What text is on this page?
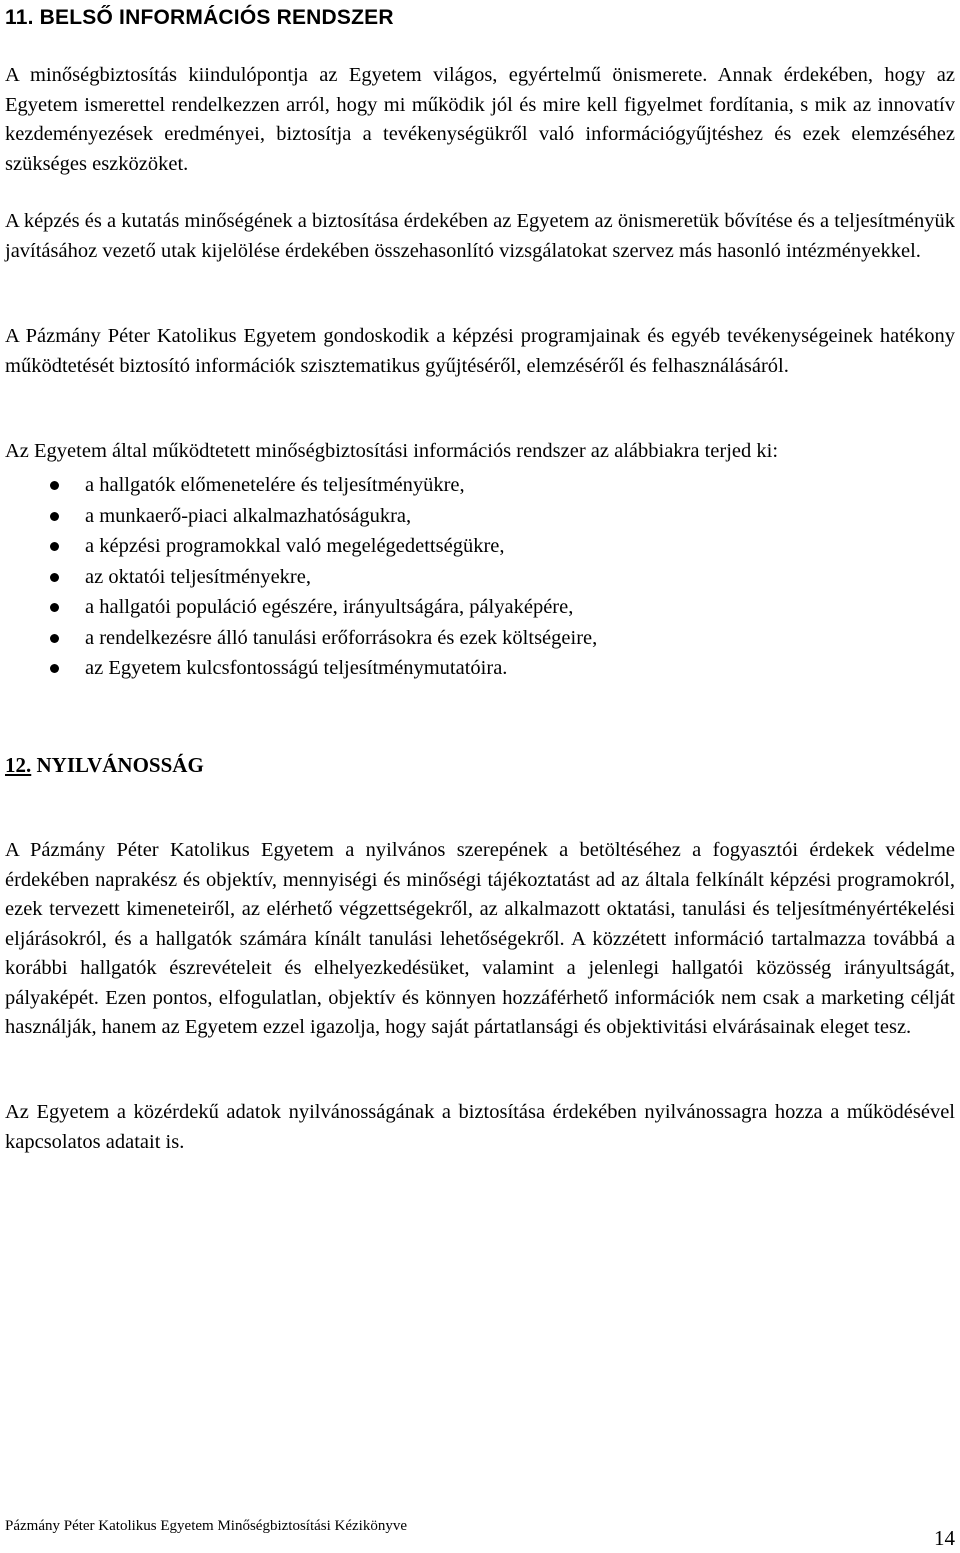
11. BELSŐ INFORMÁCIÓS RENDSZER

A minőségbiztosítás kiindulópontja az Egyetem világos, egyértelmű önismerete. Annak érdekében, hogy az Egyetem ismerettel rendelkezzen arról, hogy mi működik jól és mire kell figyelmet fordítania, s mik az innovatív kezdeményezések eredményei, biztosítja a tevékenységükről való információgyűjtéshez és ezek elemzéséhez szükséges eszközöket.

A képzés és a kutatás minőségének a biztosítása érdekében az Egyetem az önismeretük bővítése és a teljesítményük javításához vezető utak kijelölése érdekében összehasonlító vizsgálatokat szervez más hasonló intézményekkel.

A Pázmány Péter Katolikus Egyetem gondoskodik a képzési programjainak és egyéb tevékenységeinek hatékony működtetését biztosító információk szisztematikus gyűjtéséről, elemzéséről és felhasználásáról.

Az Egyetem által működtetett minőségbiztosítási információs rendszer az alábbiakra terjed ki:

a hallgatók előmenetelére és teljesítményükre,
a munkaerő-piaci alkalmazhatóságukra,
a képzési programokkal való megelégedettségükre,
az oktatói teljesítményekre,
a hallgatói populáció egészére, irányultságára, pályaképére,
a rendelkezésre álló tanulási erőforrásokra és ezek költségeire,
az Egyetem kulcsfontosságú teljesítménymutatóira.
12. NYILVÁNOSSÁG

A Pázmány Péter Katolikus Egyetem a nyilvános szerepének a betöltéséhez a fogyasztói érdekek védelme érdekében naprakész és objektív, mennyiségi és minőségi tájékoztatást ad az általa felkínált képzési programokról, ezek tervezett kimeneteiről, az elérhető végzettségekről, az alkalmazott oktatási, tanulási és teljesítményértékelési eljárásokról, és a hallgatók számára kínált tanulási lehetőségekről. A közzétett információ tartalmazza továbbá a korábbi hallgatók észrevételeit és elhelyezkedésüket, valamint a jelenlegi hallgatói közösség irányultságát, pályaképét. Ezen pontos, elfogulatlan, objektív és könnyen hozzáférhető információk nem csak a marketing célját használják, hanem az Egyetem ezzel igazolja, hogy saját pártatlansági és objektivitási elvárásainak eleget tesz.

Az Egyetem a közérdekű adatok nyilvánosságának a biztosítása érdekében nyilvánossagra hozza a működésével kapcsolatos adatait is.

Pázmány Péter Katolikus Egyetem Minőségbiztosítási Kézikönyve	14
